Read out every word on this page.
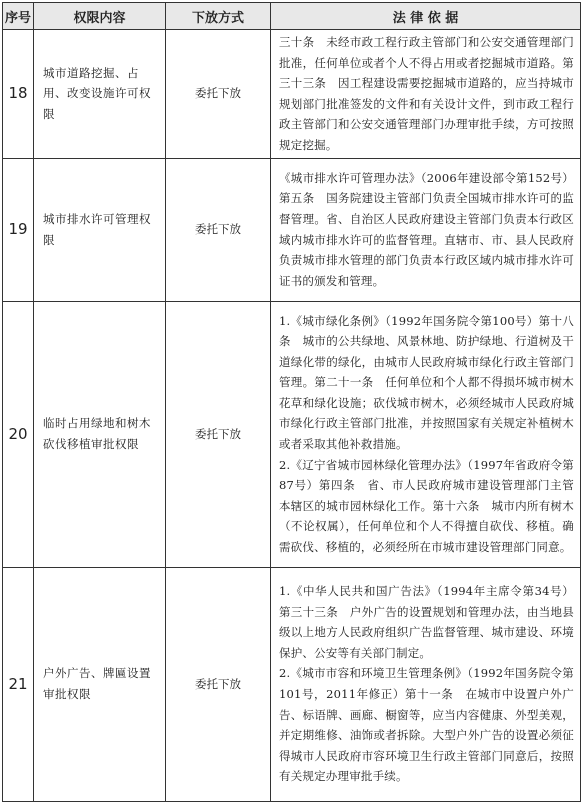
序号	权限内容	下放方式	法 律 依 据
18	城市道路挖掘、占用、改变设施许可权限	委托下放	三十条　未经市政工程行政主管部门和公安交通管理部门批准，任何单位或者个人不得占用或者挖掘城市道路。第三十三条　因工程建设需要挖掘城市道路的，应当持城市规划部门批准签发的文件和有关设计文件，到市政工程行政主管部门和公安交通管理部门办理审批手续，方可按照规定挖掘。

19	城市排水许可管理权限	委托下放	《城市排水许可管理办法》（2006年建设部令第152号）第五条　国务院建设主管部门负责全国城市排水许可的监督管理。省、自治区人民政府建设主管部门负责本行政区域内城市排水许可的监督管理。直辖市、市、县人民政府负责城市排水管理的部门负责本行政区域内城市排水许可证书的颁发和管理。

20	临时占用绿地和树木砍伐移植审批权限	委托下放	1.《城市绿化条例》（1992年国务院令第100号）第十八条　城市的公共绿地、风景林地、防护绿地、行道树及干道绿化带的绿化，由城市人民政府城市绿化行政主管部门管理。第二十一条　任何单位和个人都不得损坏城市树木花草和绿化设施；砍伐城市树木，必须经城市人民政府城市绿化行政主管部门批准，并按照国家有关规定补植树木或者采取其他补救措施。
2.《辽宁省城市园林绿化管理办法》（1997年省政府令第87号）第四条　省、市人民政府城市建设管理部门主管本辖区的城市园林绿化工作。第十六条　城市内所有树木（不论权属），任何单位和个人不得擅自砍伐、移植。确需砍伐、移植的，必须经所在市城市建设管理部门同意。

21	户外广告、牌匾设置审批权限	委托下放	1.《中华人民共和国广告法》（1994年主席令第34号）第三十三条　户外广告的设置规划和管理办法，由当地县级以上地方人民政府组织广告监督管理、城市建设、环境保护、公安等有关部门制定。
2.《城市市容和环境卫生管理条例》（1992年国务院令第101号，2011年修正）第十一条　在城市中设置户外广告、标语牌、画廊、橱窗等，应当内容健康、外型美观，并定期维修、油饰或者拆除。大型户外广告的设置必须征得城市人民政府市容环境卫生行政主管部门同意后，按照有关规定办理审批手续。
